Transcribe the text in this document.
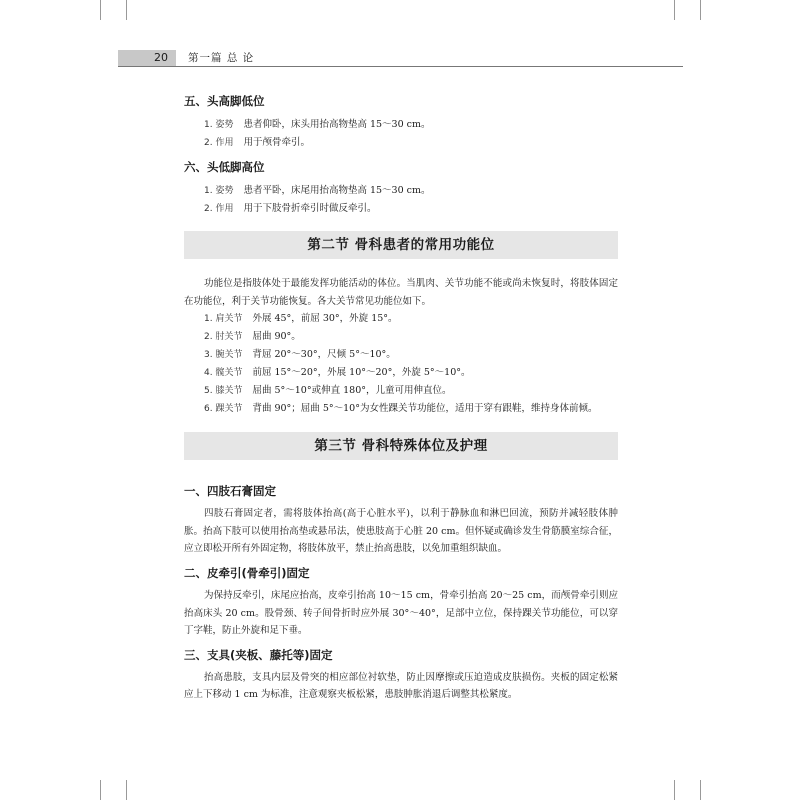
20	第一篇 总 论
五、头高脚低位
1. 姿势 患者仰卧，床头用抬高物垫高 15～30 cm。
2. 作用 用于颅骨牵引。
六、头低脚高位
1. 姿势 患者平卧，床尾用抬高物垫高 15～30 cm。
2. 作用 用于下肢骨折牵引时做反牵引。
第二节 骨科患者的常用功能位

功能位是指肢体处于最能发挥功能活动的体位。当肌肉、关节功能不能或尚未恢复时，将肢体固定在功能位，利于关节功能恢复。各大关节常见功能位如下。

1. 肩关节 外展 45°，前屈 30°，外旋 15°。
2. 肘关节 屈曲 90°。
3. 腕关节 背屈 20°～30°，尺倾 5°～10°。
4. 髋关节 前屈 15°～20°，外展 10°～20°，外旋 5°～10°。
5. 膝关节 屈曲 5°～10°或伸直 180°，儿童可用伸直位。
6. 踝关节 背曲 90°；屈曲 5°～10°为女性踝关节功能位，适用于穿有跟鞋，维持身体前倾。
第三节 骨科特殊体位及护理
一、四肢石膏固定

四肢石膏固定者，需将肢体抬高(高于心脏水平)，以利于静脉血和淋巴回流，预防并减轻肢体肿胀。抬高下肢可以使用抬高垫或悬吊法，使患肢高于心脏 20 cm。但怀疑或确诊发生骨筋膜室综合征，应立即松开所有外固定物，将肢体放平，禁止抬高患肢，以免加重组织缺血。

二、皮牵引(骨牵引)固定

为保持反牵引，床尾应抬高，皮牵引抬高 10～15 cm，骨牵引抬高 20～25 cm，而颅骨牵引则应抬高床头 20 cm。股骨颈、转子间骨折时应外展 30°～40°，足部中立位，保持踝关节功能位，可以穿丁字鞋，防止外旋和足下垂。

三、支具(夹板、藤托等)固定

抬高患肢，支具内层及骨突的相应部位衬软垫，防止因摩擦或压迫造成皮肤损伤。夹板的固定松紧应上下移动 1 cm 为标准，注意观察夹板松紧，患肢肿胀消退后调整其松紧度。
